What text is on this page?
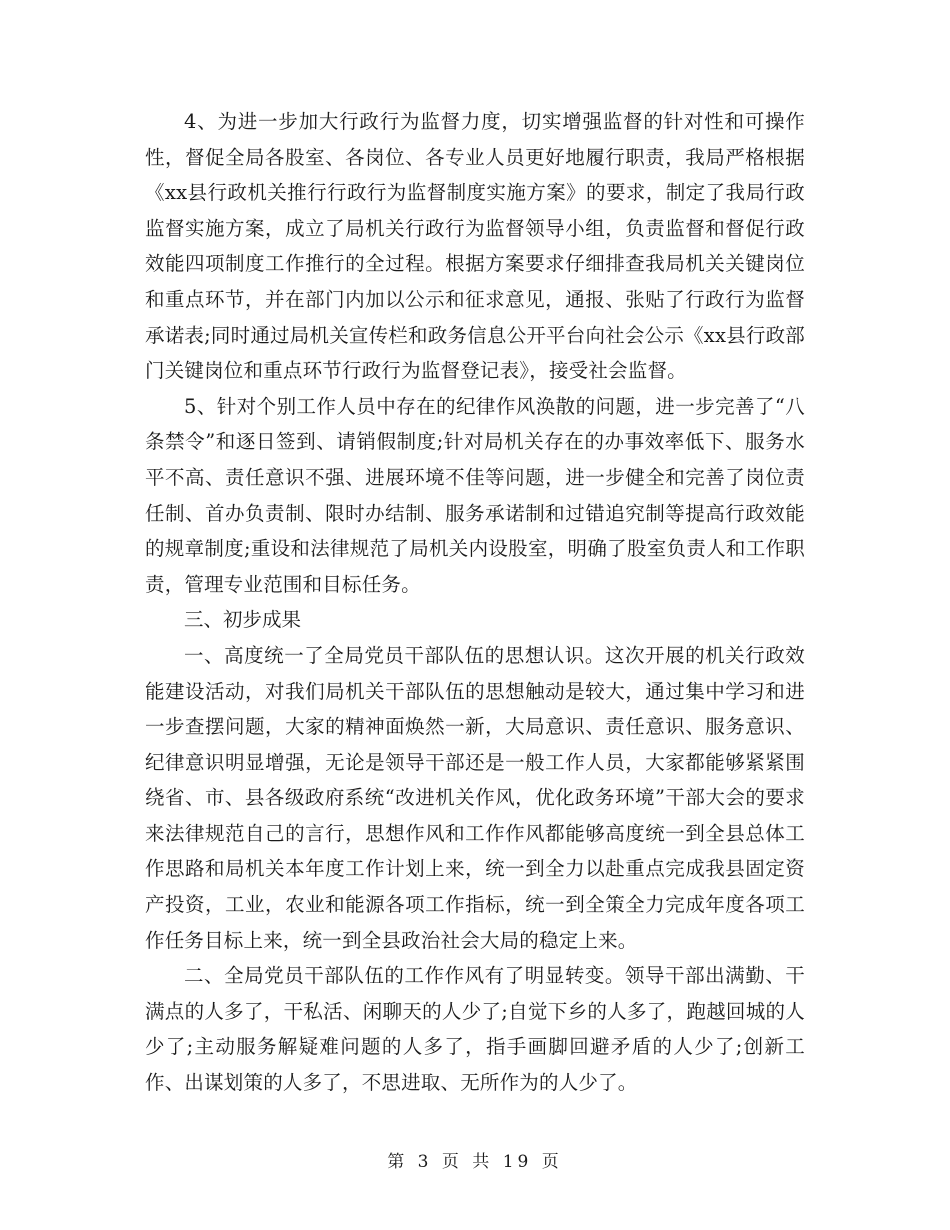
4、为进一步加大行政行为监督力度，切实增强监督的针对性和可操作性，督促全局各股室、各岗位、各专业人员更好地履行职责，我局严格根据《xx县行政机关推行行政行为监督制度实施方案》的要求，制定了我局行政监督实施方案，成立了局机关行政行为监督领导小组，负责监督和督促行政效能四项制度工作推行的全过程。根据方案要求仔细排查我局机关关键岗位和重点环节，并在部门内加以公示和征求意见，通报、张贴了行政行为监督承诺表;同时通过局机关宣传栏和政务信息公开平台向社会公示《xx县行政部门关键岗位和重点环节行政行为监督登记表》，接受社会监督。

5、针对个别工作人员中存在的纪律作风涣散的问题，进一步完善了“八条禁令”和逐日签到、请销假制度;针对局机关存在的办事效率低下、服务水平不高、责任意识不强、进展环境不佳等问题，进一步健全和完善了岗位责任制、首办负责制、限时办结制、服务承诺制和过错追究制等提高行政效能的规章制度;重设和法律规范了局机关内设股室，明确了股室负责人和工作职责，管理专业范围和目标任务。

三、初步成果

一、高度统一了全局党员干部队伍的思想认识。这次开展的机关行政效能建设活动，对我们局机关干部队伍的思想触动是较大，通过集中学习和进一步查摆问题，大家的精神面焕然一新，大局意识、责任意识、服务意识、纪律意识明显增强，无论是领导干部还是一般工作人员，大家都能够紧紧围绕省、市、县各级政府系统“改进机关作风，优化政务环境”干部大会的要求来法律规范自己的言行，思想作风和工作作风都能够高度统一到全县总体工作思路和局机关本年度工作计划上来，统一到全力以赴重点完成我县固定资产投资，工业，农业和能源各项工作指标，统一到全策全力完成年度各项工作任务目标上来，统一到全县政治社会大局的稳定上来。

二、全局党员干部队伍的工作作风有了明显转变。领导干部出满勤、干满点的人多了，干私活、闲聊天的人少了;自觉下乡的人多了，跑越回城的人少了;主动服务解疑难问题的人多了，指手画脚回避矛盾的人少了;创新工作、出谋划策的人多了，不思进取、无所作为的人少了。

第 3 页 共 19 页
